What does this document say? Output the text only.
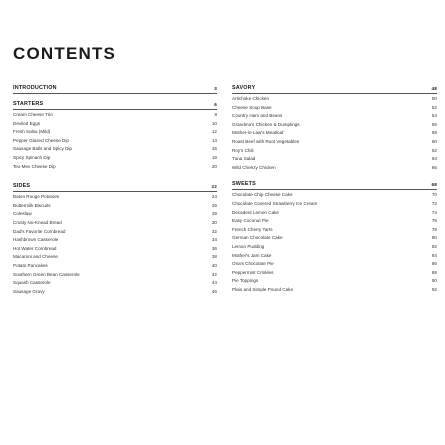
CONTENTS
INTRODUCTION	3
STARTERS	6
Cream Cheese Trio	8
Deviled Eggs	10
Fresh Salsa (Mild)	12
Pepper Glazed Cheese Dip	14
Sausage Balls and Spicy Dip	15
Spicy Spinach Dip	18
Tex-Mex Cheese Dip	20
SIDES	22
Baton Rouge Potatoes	24
Buttermilk Biscuits	26
Coleslaw	28
Crusty No-Knead Bread	30
Dad's Favorite Cornbread	32
Hashbrown Casserole	34
Hot Water Cornbread	36
Macaroni and Cheese	38
Potato Pancakes	40
Southern Green Bean Casserole	42
Squash Casserole	44
Sausage Gravy	46
SAVORY	48
Artichoke Chicken	50
Cheese Soup Base	52
Country Ham and Beans	54
Grandma's Chicken & Dumplings	56
Mother-in-Law's Meatloaf	58
Roast Beef with Root Vegetables	60
Roy's Chili	62
Tuna Salad	64
Wild Cheezy Chicken	66
SWEETS	68
Chocolate Chip Cheese Cake	70
Chocolate Covered Strawberry Ice Cream	72
Decadent Lemon Cake	74
Easy Coconut Pie	76
French Cherry Tarts	78
German Chocolate Cake	80
Lemon Pudding	82
Mother's Jam Cake	84
Ona's Chocolate Pie	86
Peppermint Crinkles	88
Pie Toppings	90
Plain and Simple Pound Cake	92
